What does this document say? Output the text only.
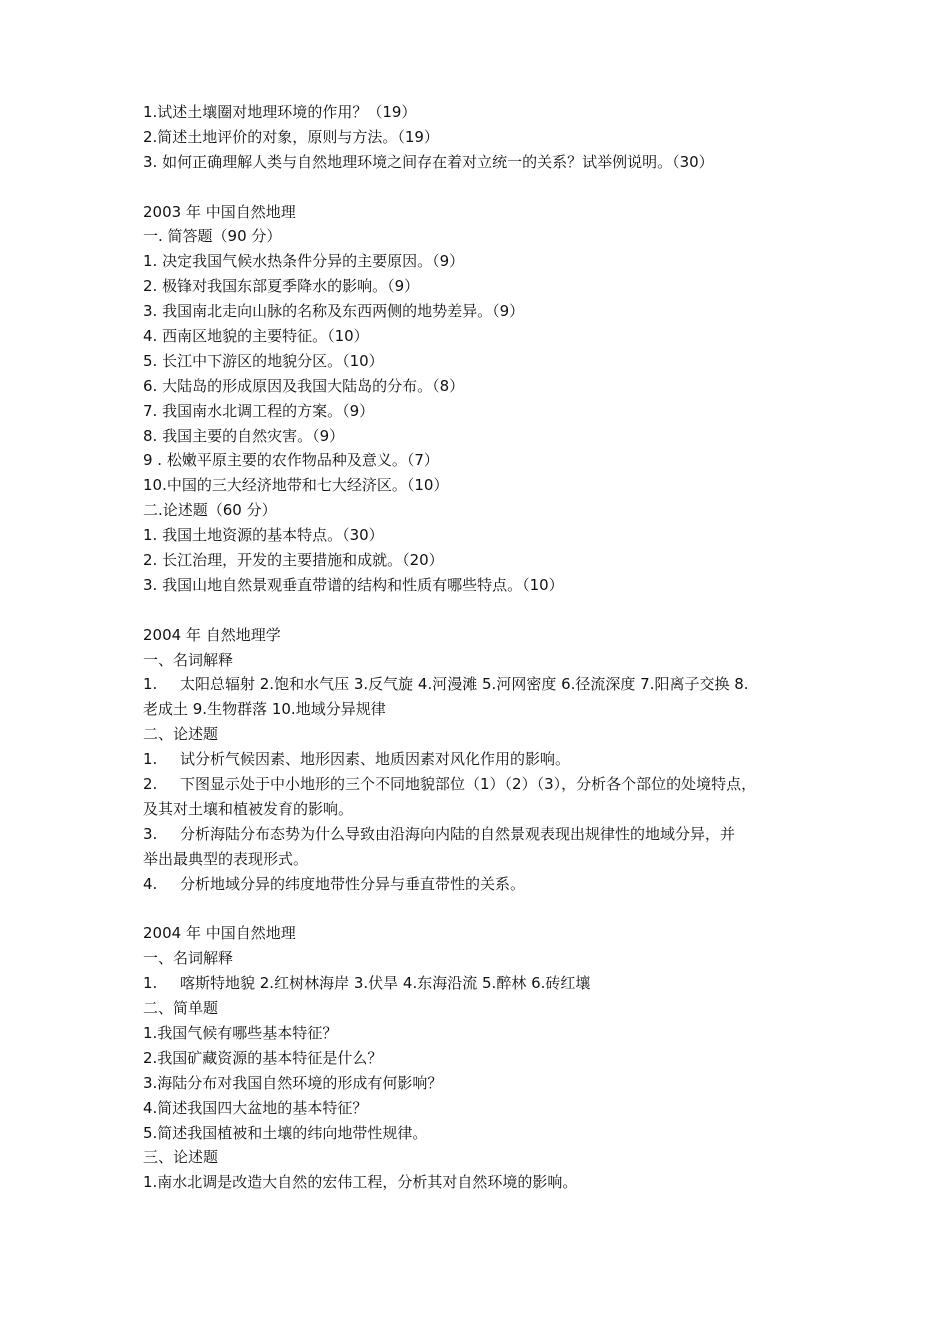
1.试述土壤圈对地理环境的作用？（19）
2.简述土地评价的对象，原则与方法。（19）
3. 如何正确理解人类与自然地理环境之间存在着对立统一的关系？试举例说明。（30）
2003 年 中国自然地理
一. 简答题（90 分）
1. 决定我国气候水热条件分异的主要原因。（9）
2. 极锋对我国东部夏季降水的影响。（9）
3. 我国南北走向山脉的名称及东西两侧的地势差异。（9）
4. 西南区地貌的主要特征。（10）
5. 长江中下游区的地貌分区。（10）
6. 大陆岛的形成原因及我国大陆岛的分布。（8）
7. 我国南水北调工程的方案。（9）
8. 我国主要的自然灾害。（9）
9 . 松嫩平原主要的农作物品种及意义。（7）
10.中国的三大经济地带和七大经济区。（10）
二.论述题（60 分）
1. 我国土地资源的基本特点。（30）
2. 长江治理，开发的主要措施和成就。（20）
3. 我国山地自然景观垂直带谱的结构和性质有哪些特点。（10）
2004 年 自然地理学
一、名词解释
1. 太阳总辐射 2.饱和水气压 3.反气旋 4.河漫滩 5.河网密度 6.径流深度 7.阳离子交换 8.
老成土 9.生物群落 10.地域分异规律
二、论述题
1. 试分析气候因素、地形因素、地质因素对风化作用的影响。
2. 下图显示处于中小地形的三个不同地貌部位（1）（2）（3），分析各个部位的处境特点，
及其对土壤和植被发育的影响。
3. 分析海陆分布态势为什么导致由沿海向内陆的自然景观表现出规律性的地域分异，并
举出最典型的表现形式。
4. 分析地域分异的纬度地带性分异与垂直带性的关系。
2004 年 中国自然地理
一、名词解释
1. 喀斯特地貌 2.红树林海岸 3.伏旱 4.东海沿流 5.醉林 6.砖红壤
二、简单题
1.我国气候有哪些基本特征？
2.我国矿藏资源的基本特征是什么？
3.海陆分布对我国自然环境的形成有何影响？
4.简述我国四大盆地的基本特征？
5.简述我国植被和土壤的纬向地带性规律。
三、论述题
1.南水北调是改造大自然的宏伟工程，分析其对自然环境的影响。
